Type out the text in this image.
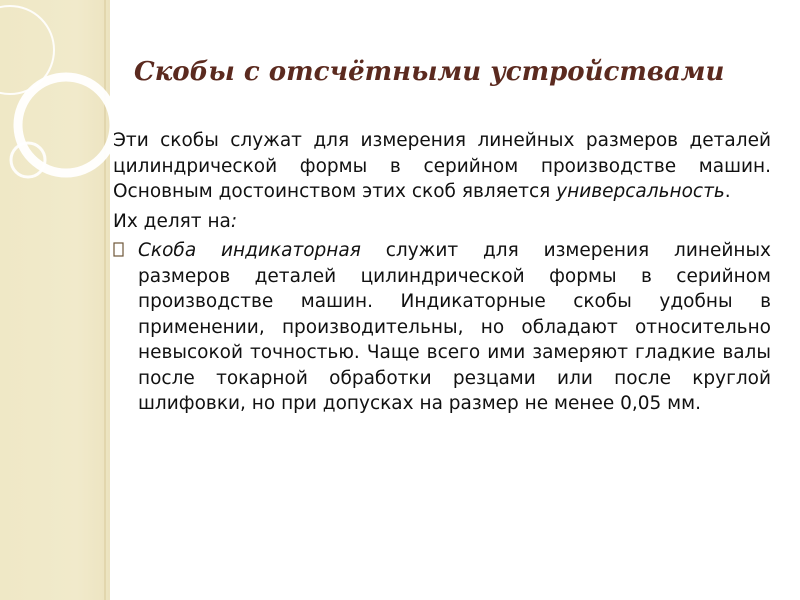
Скобы с отсчётными устройствами

Эти скобы служат для измерения линейных размеров деталей цилиндрической формы в серийном производстве машин. Основным достоинством этих скоб является универсальность.

Их делят на:

Скоба индикаторная служит для измерения линейных размеров деталей цилиндрической формы в серийном производстве машин. Индикаторные скобы удобны в применении, производительны, но обладают относительно невысокой точностью. Чаще всего ими замеряют гладкие валы после токарной обработки резцами или после круглой шлифовки, но при допусках на размер не менее 0,05 мм.
